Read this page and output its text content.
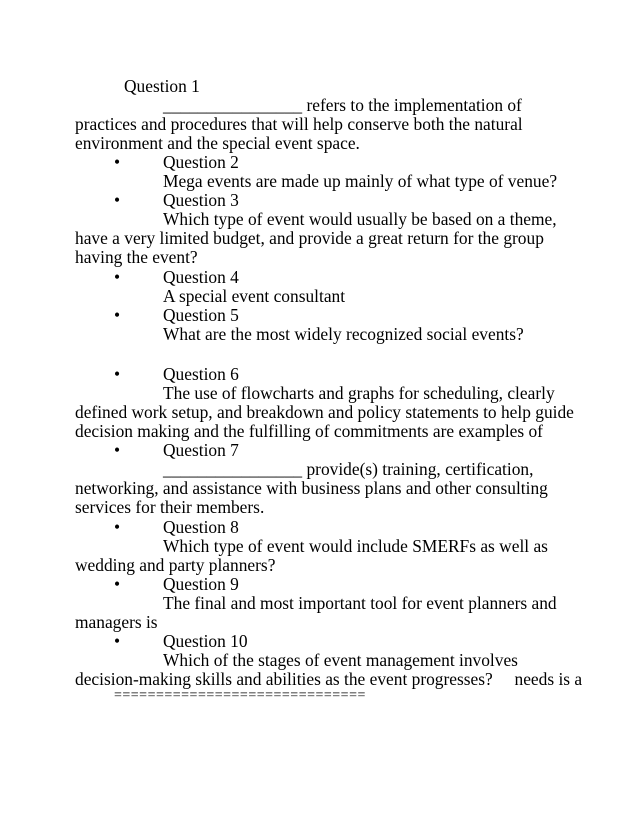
Question 1
________________ refers to the implementation of
practices and procedures that will help conserve both the natural
environment and the special event space.
• Question 2
Mega events are made up mainly of what type of venue?
• Question 3
Which type of event would usually be based on a theme,
have a very limited budget, and provide a great return for the group
having the event?
• Question 4
A special event consultant
• Question 5
What are the most widely recognized social events?
• Question 6
The use of flowcharts and graphs for scheduling, clearly
defined work setup, and breakdown and policy statements to help guide
decision making and the fulfilling of commitments are examples of
• Question 7
________________ provide(s) training, certification,
networking, and assistance with business plans and other consulting
services for their members.
• Question 8
Which type of event would include SMERFs as well as
wedding and party planners?
• Question 9
The final and most important tool for event planners and
managers is
• Question 10
Which of the stages of event management involves
decision-making skills and abilities as the event progresses?     needs is a
==============================
